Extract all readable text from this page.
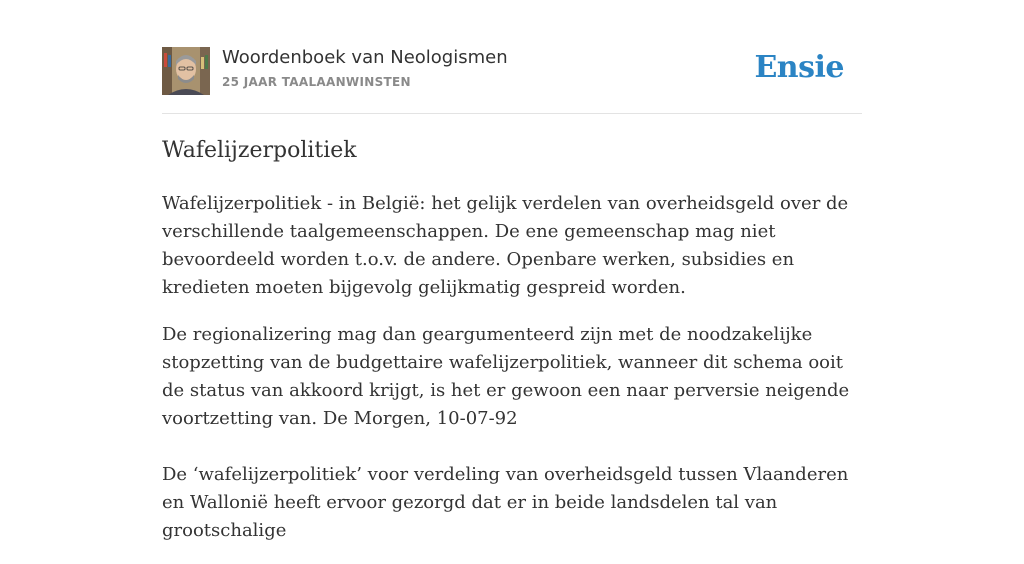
Woordenboek van Neologismen
25 JAAR TAALAANWINSTEN	Ensie
Wafelijzerpolitiek

Wafelijzerpolitiek - in België: het gelijk verdelen van overheidsgeld over de verschillende taalgemeenschappen. De ene gemeenschap mag niet bevoordeeld worden t.o.v. de andere. Openbare werken, subsidies en kredieten moeten bijgevolg gelijkmatig gespreid worden.

De regionalizering mag dan geargumenteerd zijn met de noodzakelijke stopzetting van de budgettaire wafelijzerpolitiek, wanneer dit schema ooit de status van akkoord krijgt, is het er gewoon een naar perversie neigende voortzetting van. De Morgen, 10-07-92

De ‘wafelijzerpolitiek’ voor verdeling van overheidsgeld tussen Vlaanderen en Wallonië heeft ervoor gezorgd dat er in beide landsdelen tal van grootschalige
